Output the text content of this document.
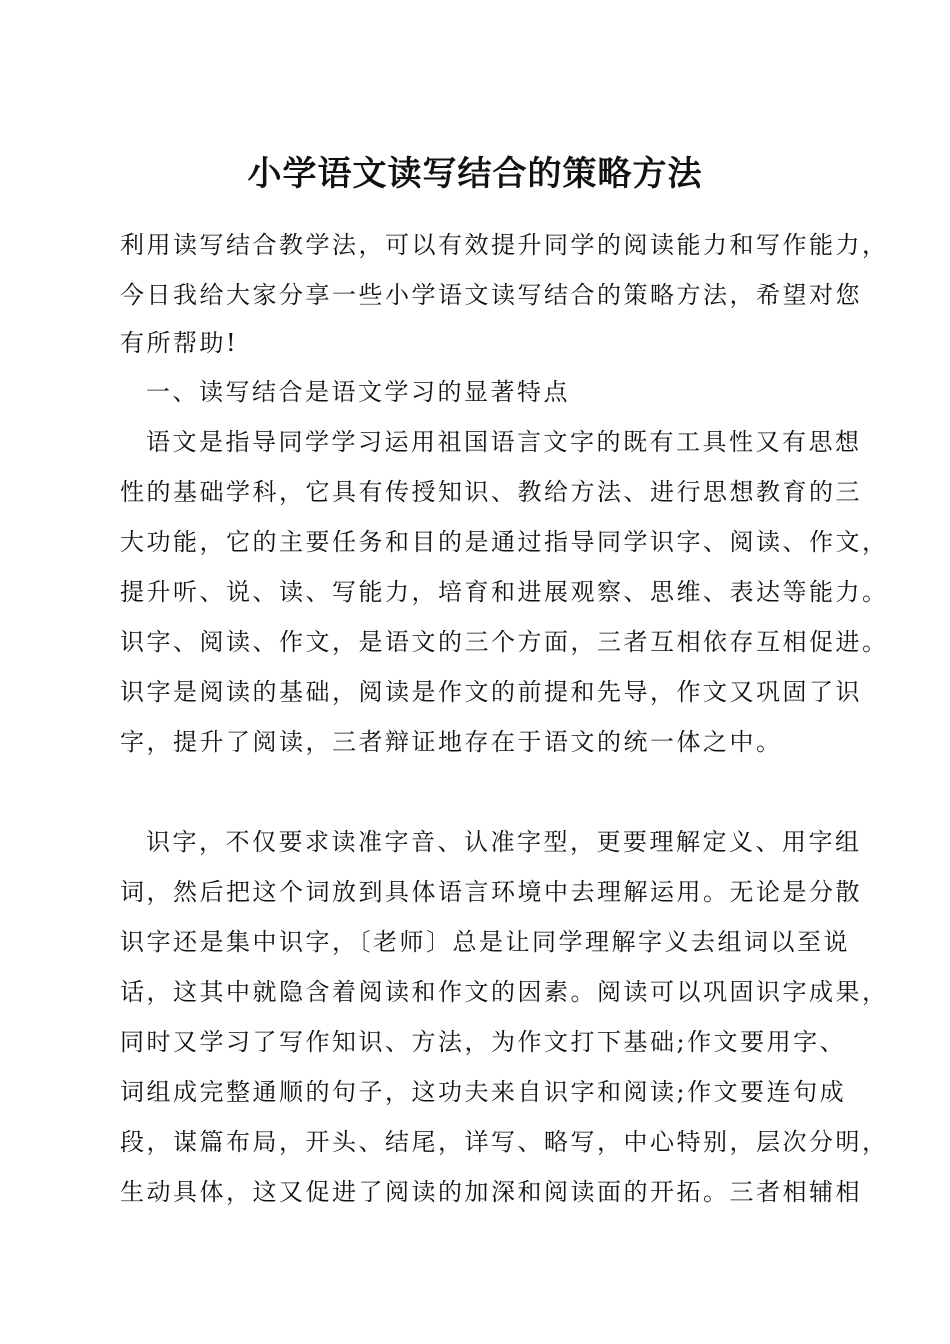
小学语文读写结合的策略方法
利用读写结合教学法，可以有效提升同学的阅读能力和写作能力，
今日我给大家分享一些小学语文读写结合的策略方法，希望对您
有所帮助!
一、读写结合是语文学习的显著特点
语文是指导同学学习运用祖国语言文字的既有工具性又有思想
性的基础学科，它具有传授知识、教给方法、进行思想教育的三
大功能，它的主要任务和目的是通过指导同学识字、阅读、作文，
提升听、说、读、写能力，培育和进展观察、思维、表达等能力。
识字、阅读、作文，是语文的三个方面，三者互相依存互相促进。
识字是阅读的基础，阅读是作文的前提和先导，作文又巩固了识
字，提升了阅读，三者辩证地存在于语文的统一体之中。
识字，不仅要求读准字音、认准字型，更要理解定义、用字组
词，然后把这个词放到具体语言环境中去理解运用。无论是分散
识字还是集中识字，〔老师〕总是让同学理解字义去组词以至说
话，这其中就隐含着阅读和作文的因素。阅读可以巩固识字成果，
同时又学习了写作知识、方法，为作文打下基础;作文要用字、
词组成完整通顺的句子，这功夫来自识字和阅读;作文要连句成
段，谋篇布局，开头、结尾，详写、略写，中心特别，层次分明，
生动具体，这又促进了阅读的加深和阅读面的开拓。三者相辅相
